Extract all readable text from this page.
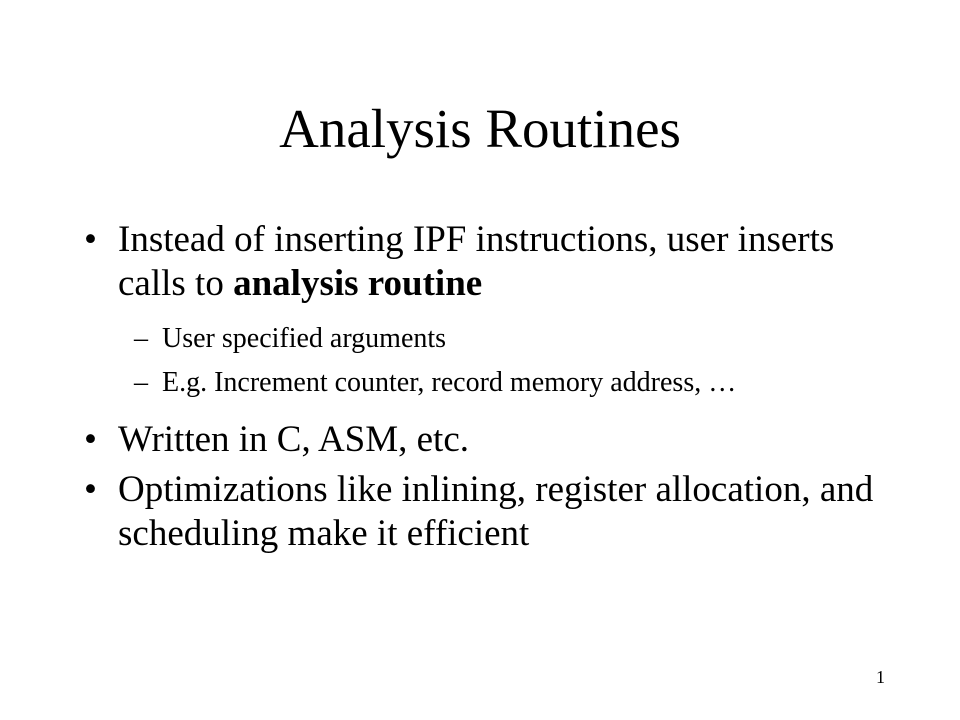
Analysis Routines
• Instead of inserting IPF instructions, user inserts calls to analysis routine
– User specified arguments
– E.g. Increment counter, record memory address, …
• Written in C, ASM, etc.
• Optimizations like inlining, register allocation, and scheduling make it efficient
1
